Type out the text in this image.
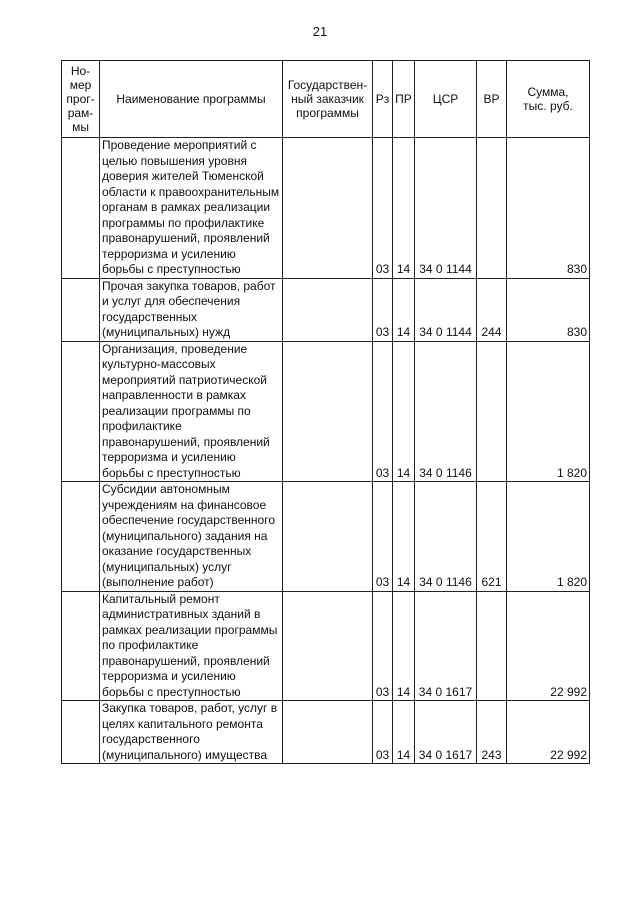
21
Но-
мер
прог-
рам-
мы	Наименование программы	Государствен-
ный заказчик
программы	Рз	ПР	ЦСР	ВР	Сумма,
тыс. руб.
	Проведение мероприятий с целью повышения уровня доверия жителей Тюменской области к правоохранительным органам в рамках реализации программы по профилактике правонарушений, проявлений терроризма и усилению борьбы с преступностью		03	14	34 0 1144		830
	Прочая закупка товаров, работ и услуг для обеспечения государственных (муниципальных) нужд		03	14	34 0 1144	244	830
	Организация, проведение культурно-массовых мероприятий патриотической направленности в рамках реализации программы по профилактике правонарушений, проявлений терроризма и усилению борьбы с преступностью		03	14	34 0 1146		1 820
	Субсидии автономным учреждениям на финансовое обеспечение государственного (муниципального) задания на оказание государственных (муниципальных) услуг (выполнение работ)		03	14	34 0 1146	621	1 820
	Капитальный ремонт административных зданий в рамках реализации программы по профилактике правонарушений, проявлений терроризма и усилению борьбы с преступностью		03	14	34 0 1617		22 992
	Закупка товаров, работ, услуг в целях капитального ремонта государственного (муниципального) имущества		03	14	34 0 1617	243	22 992
